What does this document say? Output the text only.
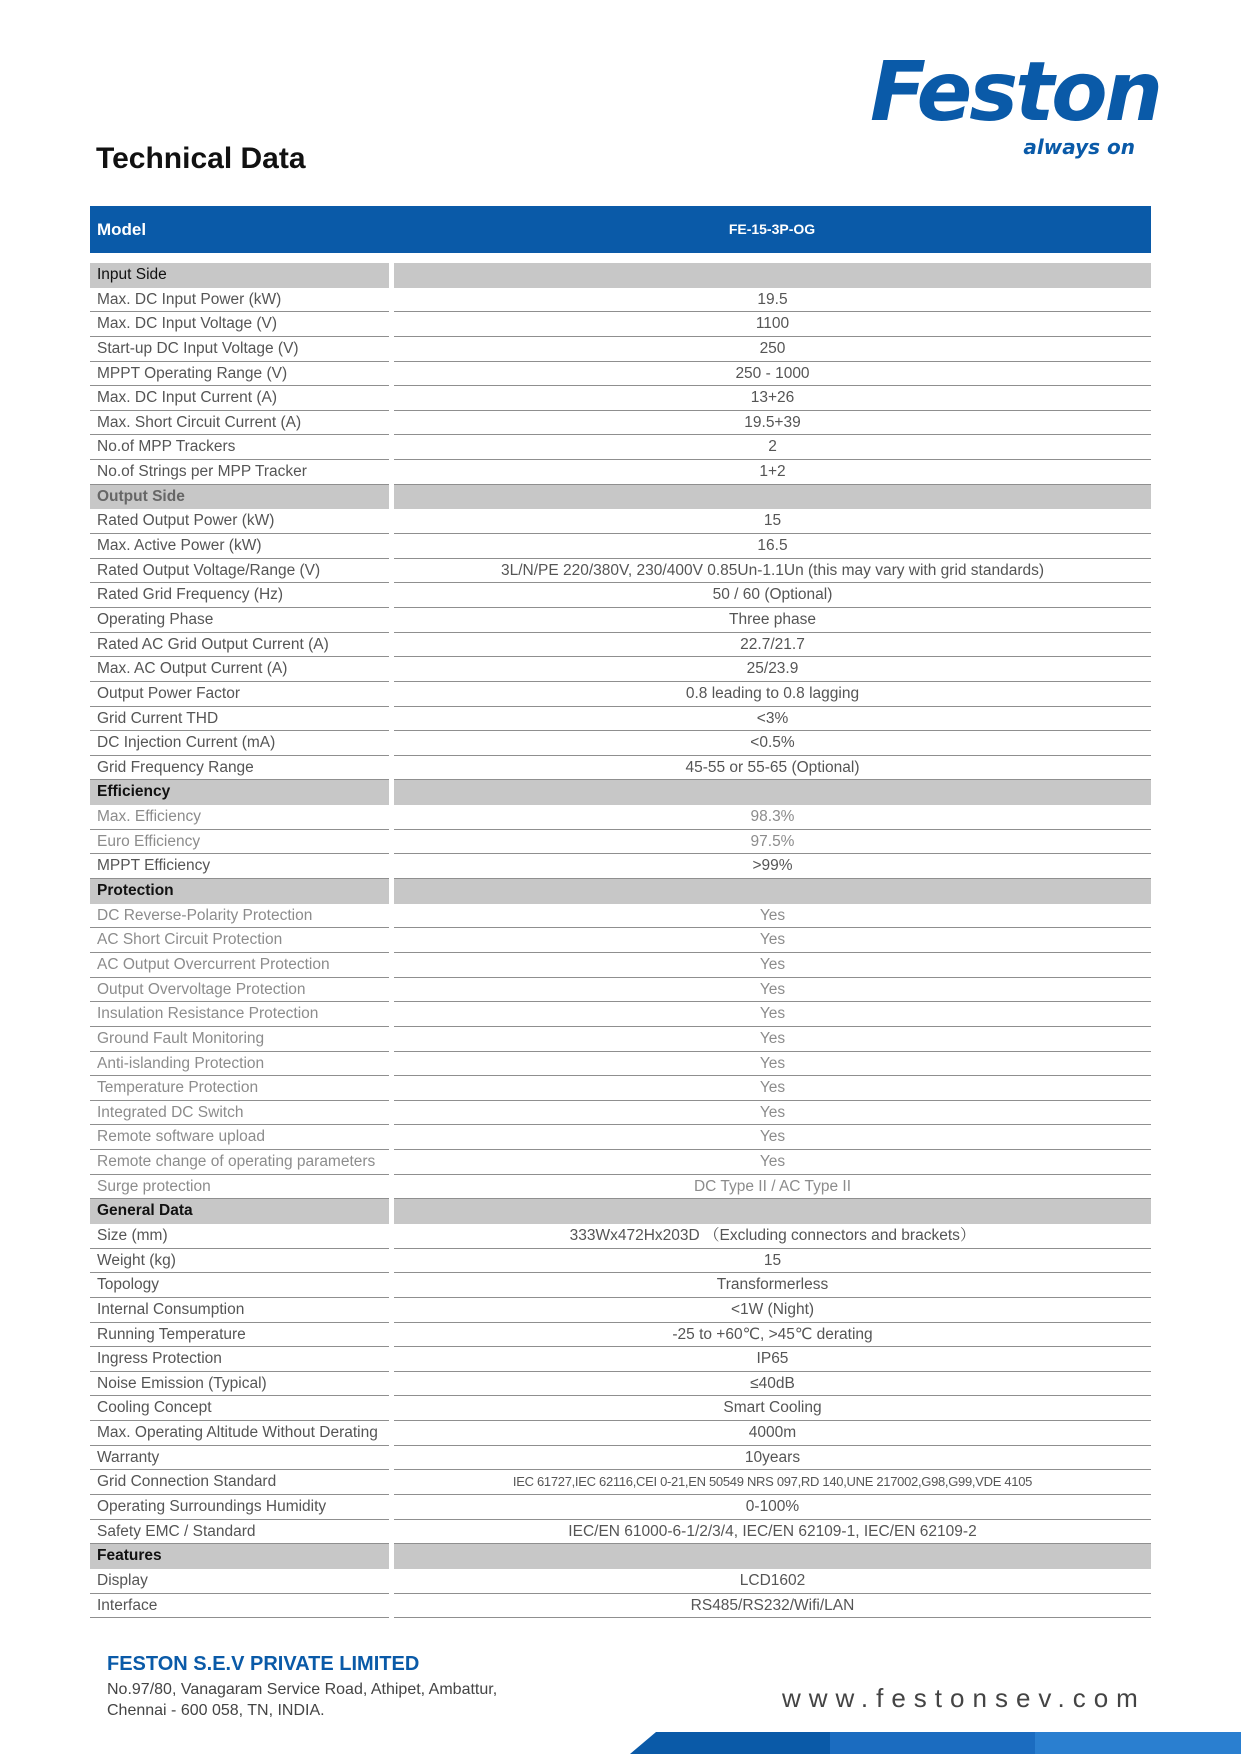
Feston
always on
Technical Data
Model	FE-15-3P-OG
Input Side
Max. DC Input Power (kW)	19.5
Max. DC Input Voltage (V)	1100
Start-up DC Input Voltage (V)	250
MPPT Operating Range (V)	250 - 1000
Max. DC Input Current (A)	13+26
Max. Short Circuit Current (A)	19.5+39
No.of MPP Trackers	2
No.of Strings per MPP Tracker	1+2
Output Side
Rated Output Power (kW)	15
Max. Active Power (kW)	16.5
Rated Output Voltage/Range (V)	3L/N/PE 220/380V, 230/400V 0.85Un-1.1Un (this may vary with grid standards)
Rated Grid Frequency (Hz)	50 / 60 (Optional)
Operating Phase	Three phase
Rated AC Grid Output Current (A)	22.7/21.7
Max. AC Output Current (A)	25/23.9
Output Power Factor	0.8 leading to 0.8 lagging
Grid Current THD	<3%
DC Injection Current (mA)	<0.5%
Grid Frequency Range	45-55 or 55-65 (Optional)
Efficiency
Max. Efficiency	98.3%
Euro Efficiency	97.5%
MPPT Efficiency	>99%
Protection
DC Reverse-Polarity Protection	Yes
AC Short Circuit Protection	Yes
AC Output Overcurrent Protection	Yes
Output Overvoltage Protection	Yes
Insulation Resistance Protection	Yes
Ground Fault Monitoring	Yes
Anti-islanding Protection	Yes
Temperature Protection	Yes
Integrated DC Switch	Yes
Remote software upload	Yes
Remote change of operating parameters	Yes
Surge protection	DC Type II / AC Type II
General Data
Size (mm)	333Wx472Hx203D （Excluding connectors and brackets）
Weight (kg)	15
Topology	Transformerless
Internal Consumption	<1W (Night)
Running Temperature	-25 to +60℃, >45℃ derating
Ingress Protection	IP65
Noise Emission (Typical)	≤40dB
Cooling Concept	Smart Cooling
Max. Operating Altitude Without Derating	4000m
Warranty	10years
Grid Connection Standard	IEC 61727,IEC 62116,CEI 0-21,EN 50549 NRS 097,RD 140,UNE 217002,G98,G99,VDE 4105
Operating Surroundings Humidity	0-100%
Safety EMC / Standard	IEC/EN 61000-6-1/2/3/4, IEC/EN 62109-1, IEC/EN 62109-2
Features
Display	LCD1602
Interface	RS485/RS232/Wifi/LAN
FESTON S.E.V PRIVATE LIMITED
No.97/80, Vanagaram Service Road, Athipet, Ambattur,
Chennai - 600 058, TN, INDIA.	www.festonsev.com
